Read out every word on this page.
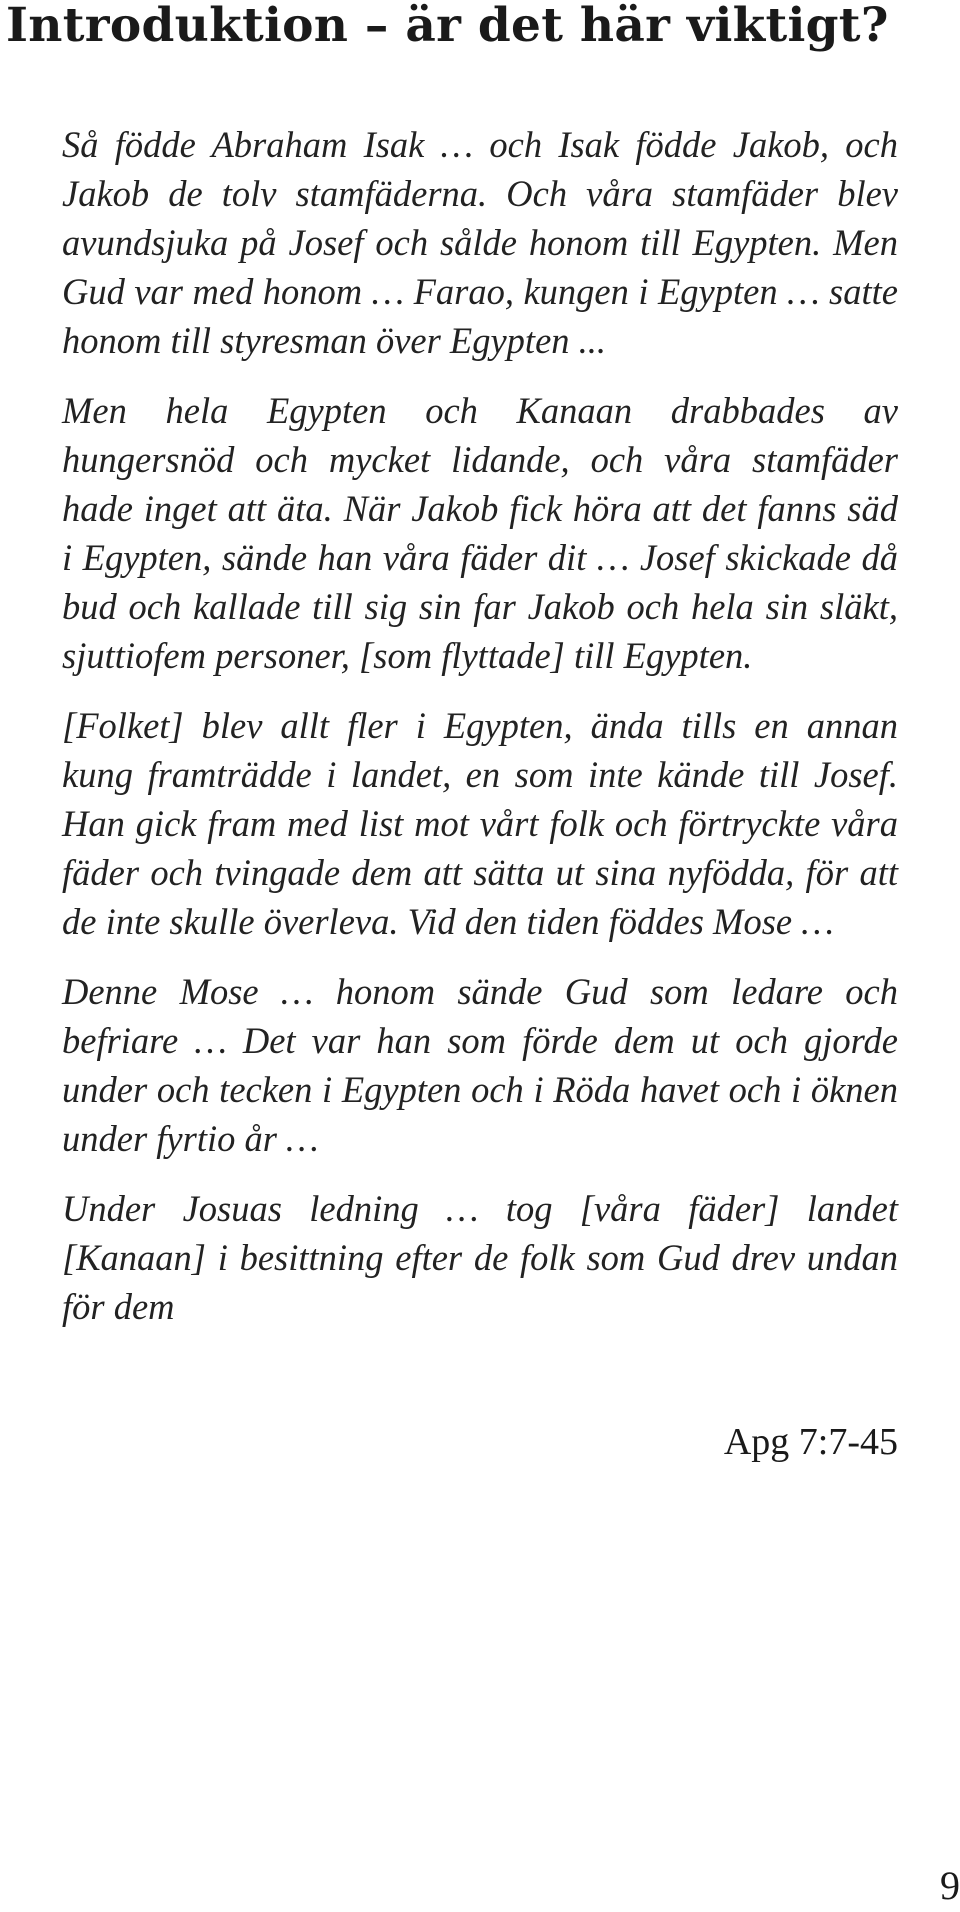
Introduktion – är det här viktigt?

Så födde Abraham Isak … och Isak födde Jakob, och Jakob de tolv stamfäderna. Och våra stamfäder blev avundsjuka på Josef och sålde honom till Egypten. Men Gud var med honom … Farao, kungen i Egypten … satte honom till styresman över Egypten ...

Men hela Egypten och Kanaan drabbades av hungersnöd och mycket lidande, och våra stamfäder hade inget att äta. När Jakob fick höra att det fanns säd i Egypten, sände han våra fäder dit … Josef skickade då bud och kallade till sig sin far Jakob och hela sin släkt, sjuttiofem personer, [som flyttade] till Egypten.

[Folket] blev allt fler i Egypten, ända tills en annan kung framträdde i landet, en som inte kände till Josef. Han gick fram med list mot vårt folk och förtryckte våra fäder och tvingade dem att sätta ut sina nyfödda, för att de inte skulle överleva. Vid den tiden föddes Mose …

Denne Mose … honom sände Gud som ledare och befriare … Det var han som förde dem ut och gjorde under och tecken i Egypten och i Röda havet och i öknen under fyrtio år …

Under Josuas ledning … tog [våra fäder] landet [Kanaan] i besittning efter de folk som Gud drev undan för dem

Apg 7:7-45
9
